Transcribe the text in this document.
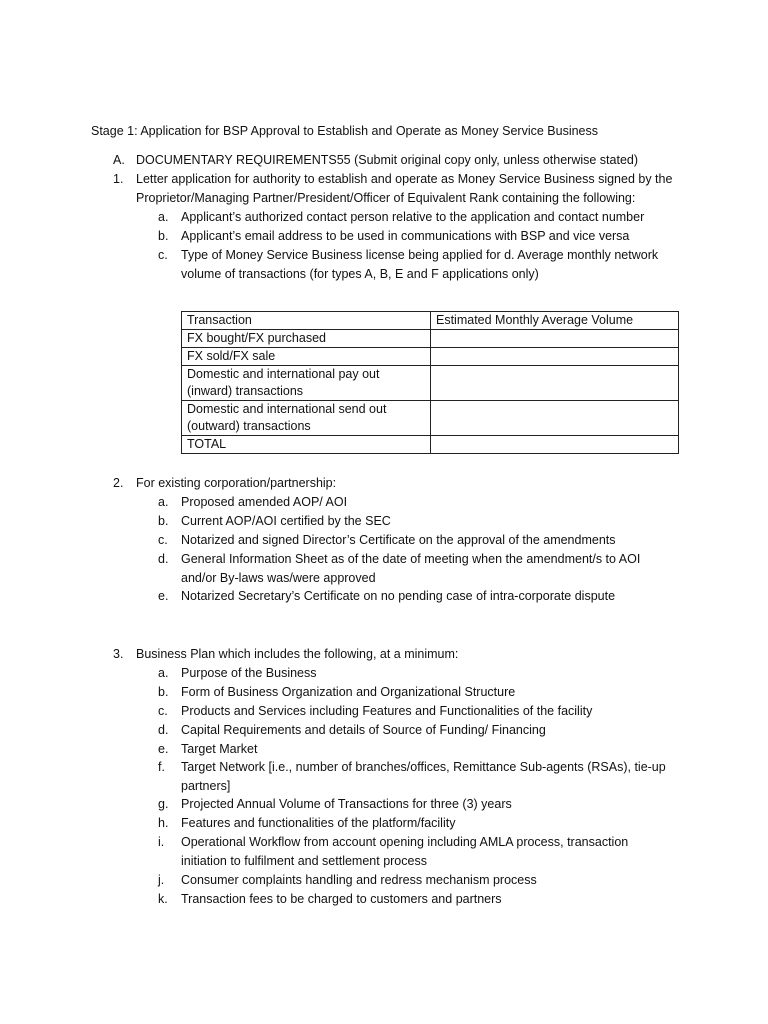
Stage 1: Application for BSP Approval to Establish and Operate as Money Service Business
A. DOCUMENTARY REQUIREMENTS55 (Submit original copy only, unless otherwise stated)
1. Letter application for authority to establish and operate as Money Service Business signed by the Proprietor/Managing Partner/President/Officer of Equivalent Rank containing the following:
a. Applicant’s authorized contact person relative to the application and contact number
b. Applicant’s email address to be used in communications with BSP and vice versa
c. Type of Money Service Business license being applied for d. Average monthly network volume of transactions (for types A, B, E and F applications only)
Transaction	Estimated Monthly Average Volume
FX bought/FX purchased	
FX sold/FX sale	
Domestic and international pay out (inward) transactions	
Domestic and international send out (outward) transactions	
TOTAL	
2. For existing corporation/partnership:
a. Proposed amended AOP/ AOI
b. Current AOP/AOI certified by the SEC
c. Notarized and signed Director’s Certificate on the approval of the amendments
d. General Information Sheet as of the date of meeting when the amendment/s to AOI and/or By-laws was/were approved
e. Notarized Secretary’s Certificate on no pending case of intra-corporate dispute
3. Business Plan which includes the following, at a minimum:
a. Purpose of the Business
b. Form of Business Organization and Organizational Structure
c. Products and Services including Features and Functionalities of the facility
d. Capital Requirements and details of Source of Funding/ Financing
e. Target Market
f. Target Network [i.e., number of branches/offices, Remittance Sub-agents (RSAs), tie-up partners]
g. Projected Annual Volume of Transactions for three (3) years
h. Features and functionalities of the platform/facility
i. Operational Workflow from account opening including AMLA process, transaction initiation to fulfilment and settlement process
j. Consumer complaints handling and redress mechanism process
k. Transaction fees to be charged to customers and partners
